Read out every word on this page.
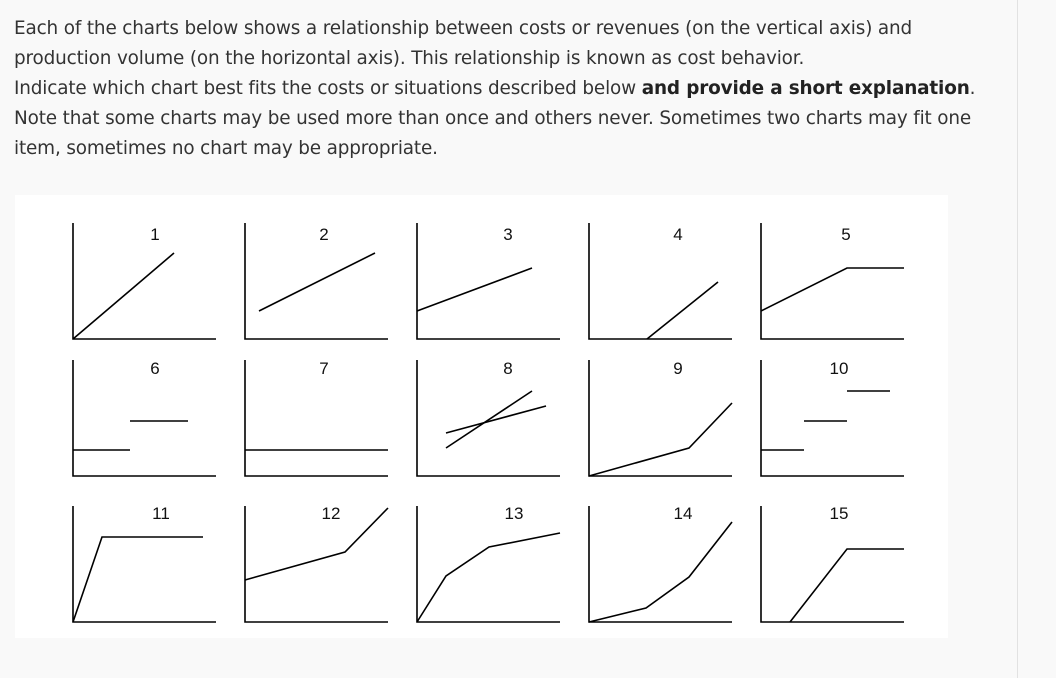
Each of the charts below shows a relationship between costs or revenues (on the vertical axis) and production volume (on the horizontal axis). This relationship is known as cost behavior.
Indicate which chart best fits the costs or situations described below and provide a short explanation. Note that some charts may be used more than once and others never. Sometimes two charts may fit one item, sometimes no chart may be appropriate.

1	2	3	4	5
6	7	8	9	10
11	12	13	14	15
